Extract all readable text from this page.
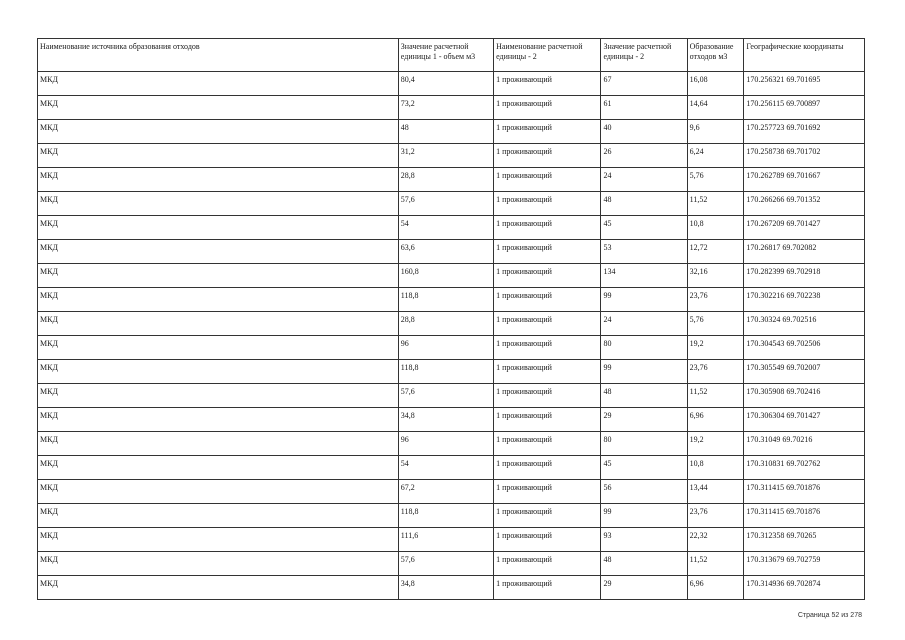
Наименование источника образования отходов	Значение расчетной единицы 1 - объем м3	Наименование расчетной единицы - 2	Значение расчетной единицы - 2	Образование отходов м3	Географические координаты
МКД	80,4	1 проживающий	67	16,08	170.256321 69.701695
МКД	73,2	1 проживающий	61	14,64	170.256115 69.700897
МКД	48	1 проживающий	40	9,6	170.257723 69.701692
МКД	31,2	1 проживающий	26	6,24	170.258738 69.701702
МКД	28,8	1 проживающий	24	5,76	170.262789 69.701667
МКД	57,6	1 проживающий	48	11,52	170.266266 69.701352
МКД	54	1 проживающий	45	10,8	170.267209 69.701427
МКД	63,6	1 проживающий	53	12,72	170.26817 69.702082
МКД	160,8	1 проживающий	134	32,16	170.282399 69.702918
МКД	118,8	1 проживающий	99	23,76	170.302216 69.702238
МКД	28,8	1 проживающий	24	5,76	170.30324 69.702516
МКД	96	1 проживающий	80	19,2	170.304543 69.702506
МКД	118,8	1 проживающий	99	23,76	170.305549 69.702007
МКД	57,6	1 проживающий	48	11,52	170.305908 69.702416
МКД	34,8	1 проживающий	29	6,96	170.306304 69.701427
МКД	96	1 проживающий	80	19,2	170.31049 69.70216
МКД	54	1 проживающий	45	10,8	170.310831 69.702762
МКД	67,2	1 проживающий	56	13,44	170.311415 69.701876
МКД	118,8	1 проживающий	99	23,76	170.311415 69.701876
МКД	111,6	1 проживающий	93	22,32	170.312358 69.70265
МКД	57,6	1 проживающий	48	11,52	170.313679 69.702759
МКД	34,8	1 проживающий	29	6,96	170.314936 69.702874
Страница 52 из 278
